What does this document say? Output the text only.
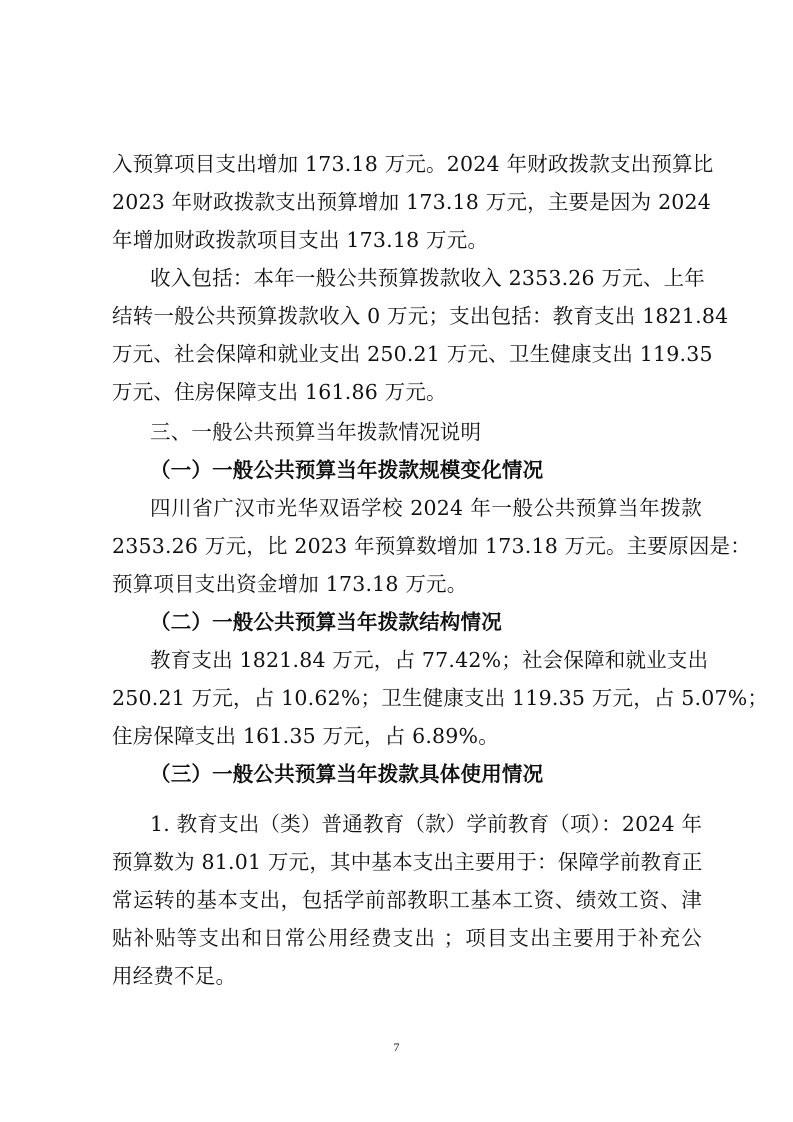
入预算项目支出增加 173.18 万元。2024 年财政拨款支出预算比
2023 年财政拨款支出预算增加 173.18 万元，主要是因为 2024
年增加财政拨款项目支出 173.18 万元。
收入包括：本年一般公共预算拨款收入 2353.26 万元、上年
结转一般公共预算拨款收入 0 万元；支出包括：教育支出 1821.84
万元、社会保障和就业支出 250.21 万元、卫生健康支出 119.35
万元、住房保障支出 161.86 万元。
三、一般公共预算当年拨款情况说明
（一）一般公共预算当年拨款规模变化情况
四川省广汉市光华双语学校 2024 年一般公共预算当年拨款
2353.26 万元，比 2023 年预算数增加 173.18 万元。主要原因是：
预算项目支出资金增加 173.18 万元。
（二）一般公共预算当年拨款结构情况
教育支出 1821.84 万元，占 77.42%；社会保障和就业支出
250.21 万元，占 10.62%；卫生健康支出 119.35 万元，占 5.07%；
住房保障支出 161.35 万元，占 6.89%。
（三）一般公共预算当年拨款具体使用情况
1. 教育支出（类）普通教育（款）学前教育（项）：2024 年
预算数为 81.01 万元，其中基本支出主要用于：保障学前教育正
常运转的基本支出，包括学前部教职工基本工资、绩效工资、津
贴补贴等支出和日常公用经费支出 ；项目支出主要用于补充公
用经费不足。
7
